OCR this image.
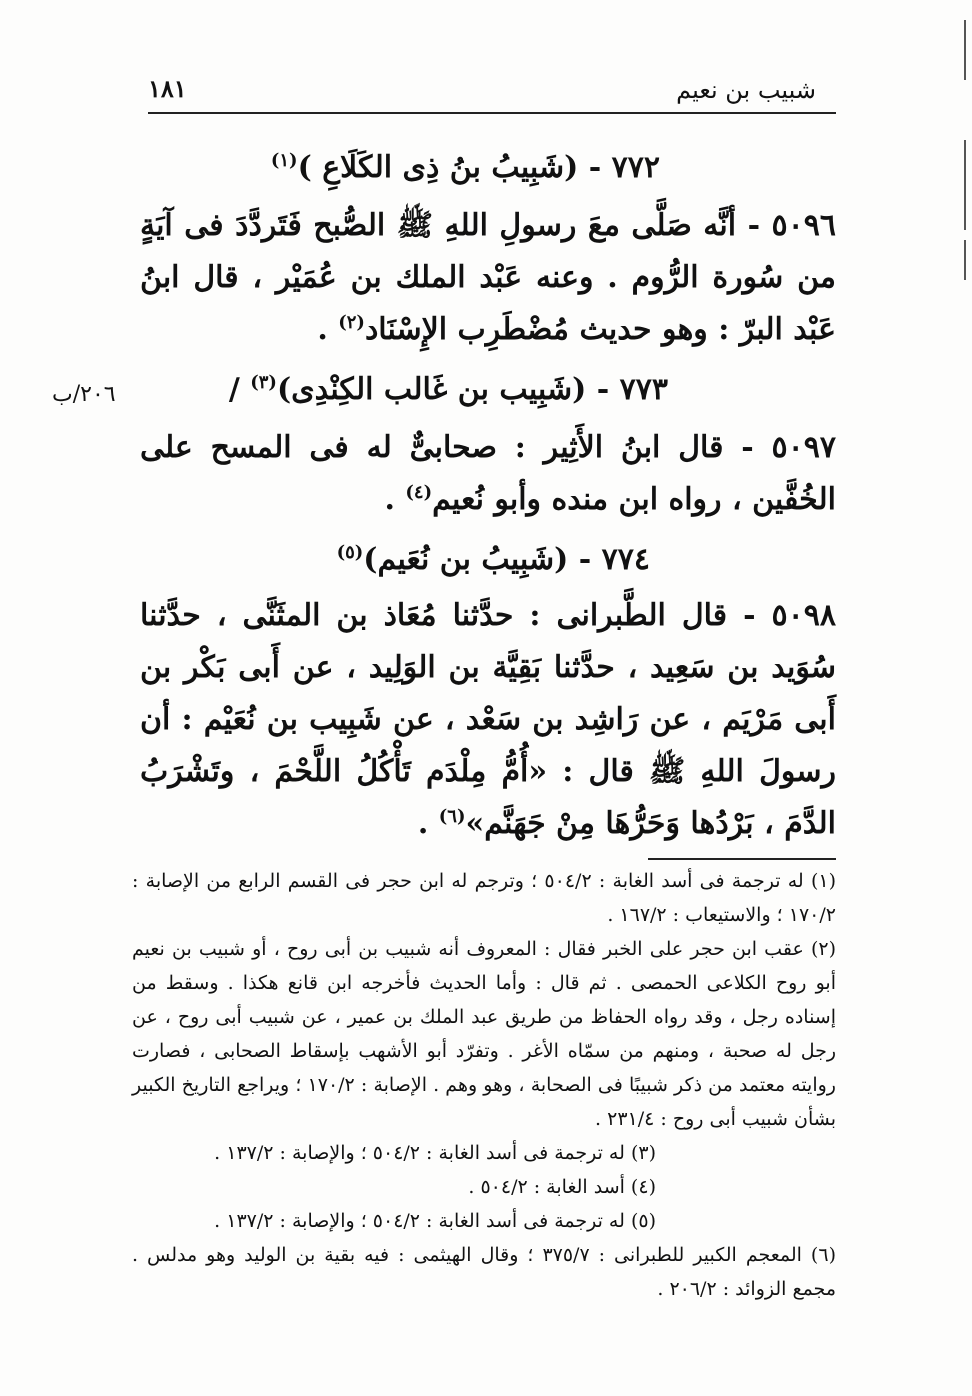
شبيب بن نعيم
١٨١
٧٧٢ - (شَبِيبُ بنُ ذِى الكَلَاعِ )$^{(١)}$

٥٠٩٦ - أنَّه صَلَّى معَ رسولِ اللهِ ﷺ الصُّبح فَتَردَّدَ فى آيَةٍ من سُورة الرُّوم . وعنه عَبْد الملك بن عُمَيْر ، قال ابنُ عَبْد البرّ : وهو حديث مُضْطَرِب الإِسْنَاد$^{(٢)}$ .

٢٠٦/ب	٧٧٣ - (شَبِيب بن غَالب الكِنْدِى)$^{(٣)}$ /

٥٠٩٧ - قال ابنُ الأَثِير : صحابىٌّ له فى المسح على الخُفَّين ، رواه ابن منده وأبو نُعيم$^{(٤)}$ .

٧٧٤ - (شَبِيبُ بن نُعَيم)$^{(٥)}$

٥٠٩٨ - قال الطَّبرانى : حدَّثنا مُعَاذ بن المثَنَّى ، حدَّثنا سُوَيد بن سَعِيد ، حدَّثنا بَقِيَّة بن الوَلِيد ، عن أَبى بَكْر بن أَبى مَرْيَم ، عن رَاشِد بن سَعْد ، عن شَبِيب بن نُعَيْم : أن رسولَ اللهِ ﷺ قال : «أُمُّ مِلْدَم تَأْكُلُ اللَّحْمَ ، وتَشْرَبُ الدَّمَ ، بَرْدُها وَحَرُّهَا مِنْ جَهَنَّم»$^{(٦)}$ .

(١) له ترجمة فى أسد الغابة : ٥٠٤/٢ ؛ وترجم له ابن حجر فى القسم الرابع من الإصابة : ١٧٠/٢ ؛ والاستيعاب : ١٦٧/٢ .

(٢) عقب ابن حجر على الخبر فقال : المعروف أنه شبيب بن أبى روح ، أو شبيب بن نعيم أبو روح الكلاعى الحمصى . ثم قال : وأما الحديث فأخرجه ابن قانع هكذا . وسقط من إسناده رجل ، وقد رواه الحفاظ من طريق عبد الملك بن عمير ، عن شبيب أبى روح ، عن رجل له صحبة ، ومنهم من سمّاه الأغر . وتفرّد أبو الأشهب بإسقاط الصحابى ، فصارت روايته معتمد من ذكر شبيبًا فى الصحابة ، وهو وهم . الإصابة : ١٧٠/٢ ؛ ويراجع التاريخ الكبير بشأن شبيب أبى روح : ٢٣١/٤ .

(٣) له ترجمة فى أسد الغابة : ٥٠٤/٢ ؛ والإصابة : ١٣٧/٢ .

(٤) أسد الغابة : ٥٠٤/٢ .

(٥) له ترجمة فى أسد الغابة : ٥٠٤/٢ ؛ والإصابة : ١٣٧/٢ .

(٦) المعجم الكبير للطبرانى : ٣٧٥/٧ ؛ وقال الهيثمى : فيه بقية بن الوليد وهو مدلس . مجمع الزوائد : ٢٠٦/٢ .
